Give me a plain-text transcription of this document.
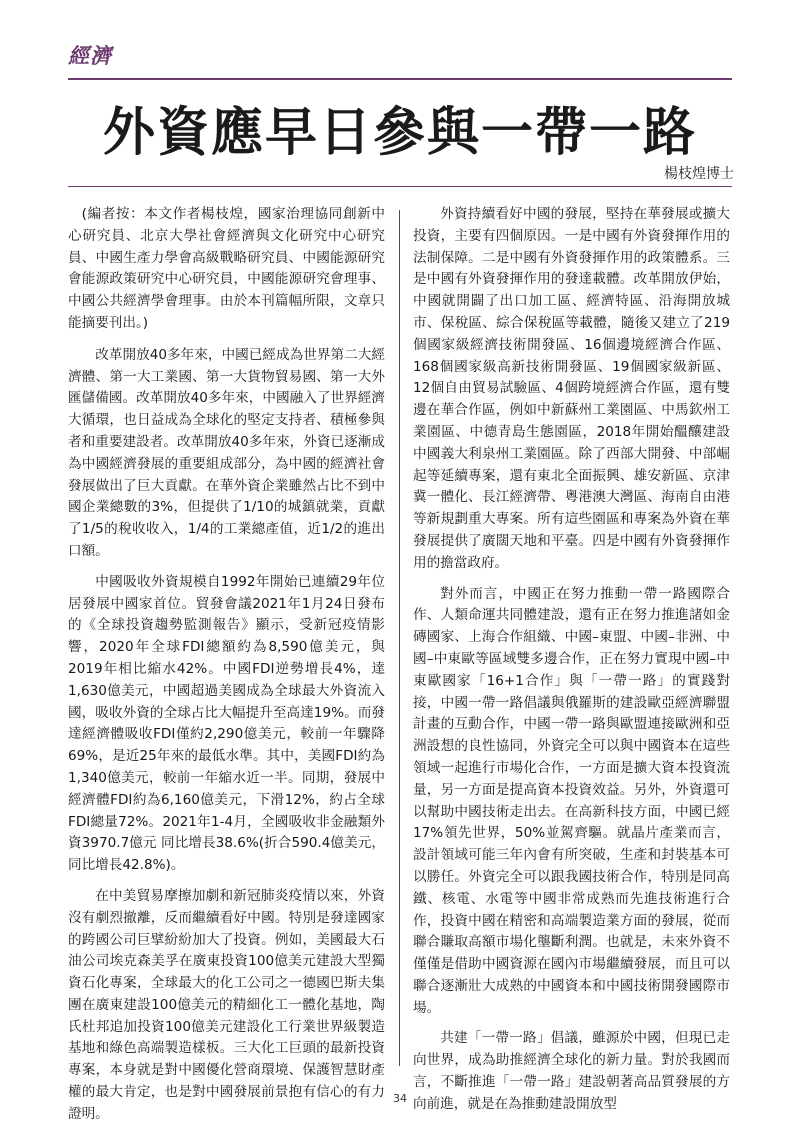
經濟
外資應早日參與一帶一路
楊枝煌博士

(編者按：本文作者楊枝煌，國家治理協同創新中心研究員、北京大學社會經濟與文化研究中心研究員、中國生產力學會高級戰略研究員、中國能源研究會能源政策研究中心研究員，中國能源研究會理事、中國公共經濟學會理事。由於本刊篇幅所限，文章只能摘要刊出。)

改革開放40多年來，中國已經成為世界第二大經濟體、第一大工業國、第一大貨物貿易國、第一大外匯儲備國。改革開放40多年來，中國融入了世界經濟大循環，也日益成為全球化的堅定支持者、積極參與者和重要建設者。改革開放40多年來，外資已逐漸成為中國經濟發展的重要組成部分，為中國的經濟社會發展做出了巨大貢獻。在華外資企業雖然占比不到中國企業總數的3%，但提供了1/10的城鎮就業，貢獻了1/5的稅收收入，1/4的工業總產值，近1/2的進出口額。

中國吸收外資規模自1992年開始已連續29年位居發展中國家首位。貿發會議2021年1月24日發布的《全球投資趨勢監測報告》顯示，受新冠疫情影響，2020年全球FDI總額約為8,590億美元，與2019年相比縮水42%。中國FDI逆勢增長4%，達1,630億美元，中國超過美國成為全球最大外資流入國，吸收外資的全球占比大幅提升至高達19%。而發達經濟體吸收FDI僅約2,290億美元，較前一年驟降69%，是近25年來的最低水準。其中，美國FDI約為1,340億美元，較前一年縮水近一半。同期，發展中經濟體FDI約為6,160億美元，下滑12%，約占全球FDI總量72%。2021年1-4月，全國吸收非金融類外資3970.7億元 同比增長38.6%(折合590.4億美元，同比增長42.8%)。

在中美貿易摩擦加劇和新冠肺炎疫情以來，外資沒有劇烈撤離，反而繼續看好中國。特別是發達國家的跨國公司巨擘紛紛加大了投資。例如，美國最大石油公司埃克森美孚在廣東投資100億美元建設大型獨資石化專案，全球最大的化工公司之一德國巴斯夫集團在廣東建設100億美元的精細化工一體化基地，陶氏杜邦追加投資100億美元建設化工行業世界級製造基地和綠色高端製造樣板。三大化工巨頭的最新投資專案，本身就是對中國優化營商環境、保護智慧財產權的最大肯定，也是對中國發展前景抱有信心的有力證明。

外資持續看好中國的發展，堅持在華發展或擴大投資，主要有四個原因。一是中國有外資發揮作用的法制保障。二是中國有外資發揮作用的政策體系。三是中國有外資發揮作用的發達載體。改革開放伊始，中國就開闢了出口加工區、經濟特區、沿海開放城市、保稅區、綜合保稅區等載體，隨後又建立了219個國家級經濟技術開發區、16個邊境經濟合作區、168個國家級高新技術開發區、19個國家級新區、12個自由貿易試驗區、4個跨境經濟合作區，還有雙邊在華合作區，例如中新蘇州工業園區、中馬欽州工業園區、中德青島生態園區，2018年開始醞釀建設中國義大利泉州工業園區。除了西部大開發、中部崛起等延續專案，還有東北全面振興、雄安新區、京津冀一體化、長江經濟帶、粵港澳大灣區、海南自由港等新規劃重大專案。所有這些園區和專案為外資在華發展提供了廣闊天地和平臺。四是中國有外資發揮作用的擔當政府。

對外而言，中國正在努力推動一帶一路國際合作、人類命運共同體建設，還有正在努力推進諸如金磚國家、上海合作組織、中國–東盟、中國–非洲、中國–中東歐等區域雙多邊合作，正在努力實現中國–中東歐國家「16+1合作」與「一帶一路」的實踐對接，中國一帶一路倡議與俄羅斯的建設歐亞經濟聯盟計畫的互動合作，中國一帶一路與歐盟連接歐洲和亞洲設想的良性協同，外資完全可以與中國資本在這些領域一起進行市場化合作，一方面是擴大資本投資流量，另一方面是提高資本投資效益。另外，外資還可以幫助中國技術走出去。在高新科技方面，中國已經17%領先世界，50%並駕齊驅。就晶片產業而言，設計領域可能三年內會有所突破，生產和封裝基本可以勝任。外資完全可以跟我國技術合作，特別是同高鐵、核電、水電等中國非常成熟而先進技術進行合作，投資中國在精密和高端製造業方面的發展，從而聯合賺取高額市場化壟斷利潤。也就是，未來外資不僅僅是借助中國資源在國內市場繼續發展，而且可以聯合逐漸壯大成熟的中國資本和中國技術開發國際市場。

共建「一帶一路」倡議，雖源於中國，但現已走向世界，成為助推經濟全球化的新力量。對於我國而言，不斷推進「一帶一路」建設朝著高品質發展的方向前進，就是在為推動建設開放型

34
